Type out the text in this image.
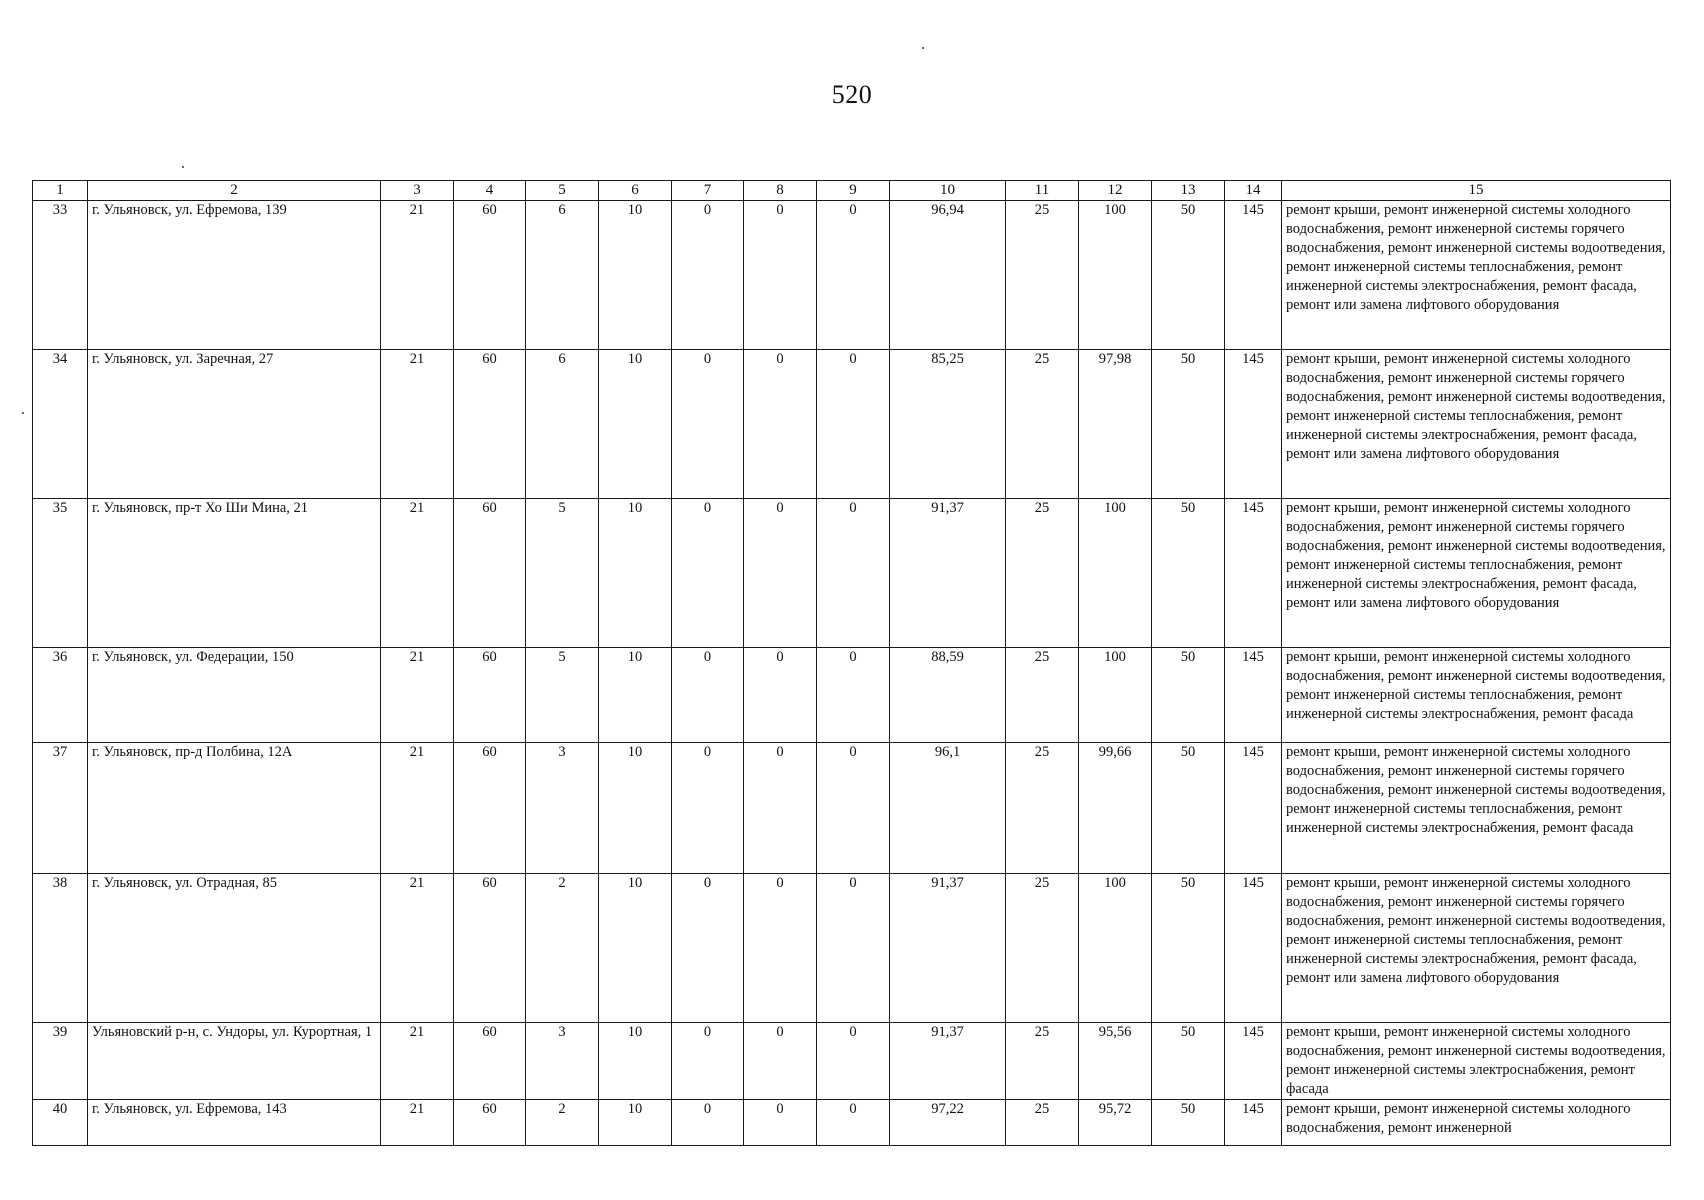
520
1	2	3	4	5	6	7	8	9	10	11	12	13	14	15
33	г. Ульяновск, ул. Ефремова, 139	21	60	6	10	0	0	0	96,94	25	100	50	145	ремонт крыши, ремонт инженерной системы холодного водоснабжения, ремонт инженерной системы горячего водоснабжения, ремонт инженерной системы водоотведения, ремонт инженерной системы теплоснабжения, ремонт инженерной системы электроснабжения, ремонт фасада, ремонт или замена лифтового оборудования
34	г. Ульяновск, ул. Заречная, 27	21	60	6	10	0	0	0	85,25	25	97,98	50	145	ремонт крыши, ремонт инженерной системы холодного водоснабжения, ремонт инженерной системы горячего водоснабжения, ремонт инженерной системы водоотведения, ремонт инженерной системы теплоснабжения, ремонт инженерной системы электроснабжения, ремонт фасада, ремонт или замена лифтового оборудования
35	г. Ульяновск, пр-т Хо Ши Мина, 21	21	60	5	10	0	0	0	91,37	25	100	50	145	ремонт крыши, ремонт инженерной системы холодного водоснабжения, ремонт инженерной системы горячего водоснабжения, ремонт инженерной системы водоотведения, ремонт инженерной системы теплоснабжения, ремонт инженерной системы электроснабжения, ремонт фасада, ремонт или замена лифтового оборудования
36	г. Ульяновск, ул. Федерации, 150	21	60	5	10	0	0	0	88,59	25	100	50	145	ремонт крыши, ремонт инженерной системы холодного водоснабжения, ремонт инженерной системы водоотведения, ремонт инженерной системы теплоснабжения, ремонт инженерной системы электроснабжения, ремонт фасада
37	г. Ульяновск, пр-д Полбина, 12А	21	60	3	10	0	0	0	96,1	25	99,66	50	145	ремонт крыши, ремонт инженерной системы холодного водоснабжения, ремонт инженерной системы горячего водоснабжения, ремонт инженерной системы водоотведения, ремонт инженерной системы теплоснабжения, ремонт инженерной системы электроснабжения, ремонт фасада
38	г. Ульяновск, ул. Отрадная, 85	21	60	2	10	0	0	0	91,37	25	100	50	145	ремонт крыши, ремонт инженерной системы холодного водоснабжения, ремонт инженерной системы горячего водоснабжения, ремонт инженерной системы водоотведения, ремонт инженерной системы теплоснабжения, ремонт инженерной системы электроснабжения, ремонт фасада, ремонт или замена лифтового оборудования
39	Ульяновский р-н, с. Ундоры, ул. Курортная, 1	21	60	3	10	0	0	0	91,37	25	95,56	50	145	ремонт крыши, ремонт инженерной системы холодного водоснабжения, ремонт инженерной системы водоотведения, ремонт инженерной системы электроснабжения, ремонт фасада
40	г. Ульяновск, ул. Ефремова, 143	21	60	2	10	0	0	0	97,22	25	95,72	50	145	ремонт крыши, ремонт инженерной системы холодного водоснабжения, ремонт инженерной
